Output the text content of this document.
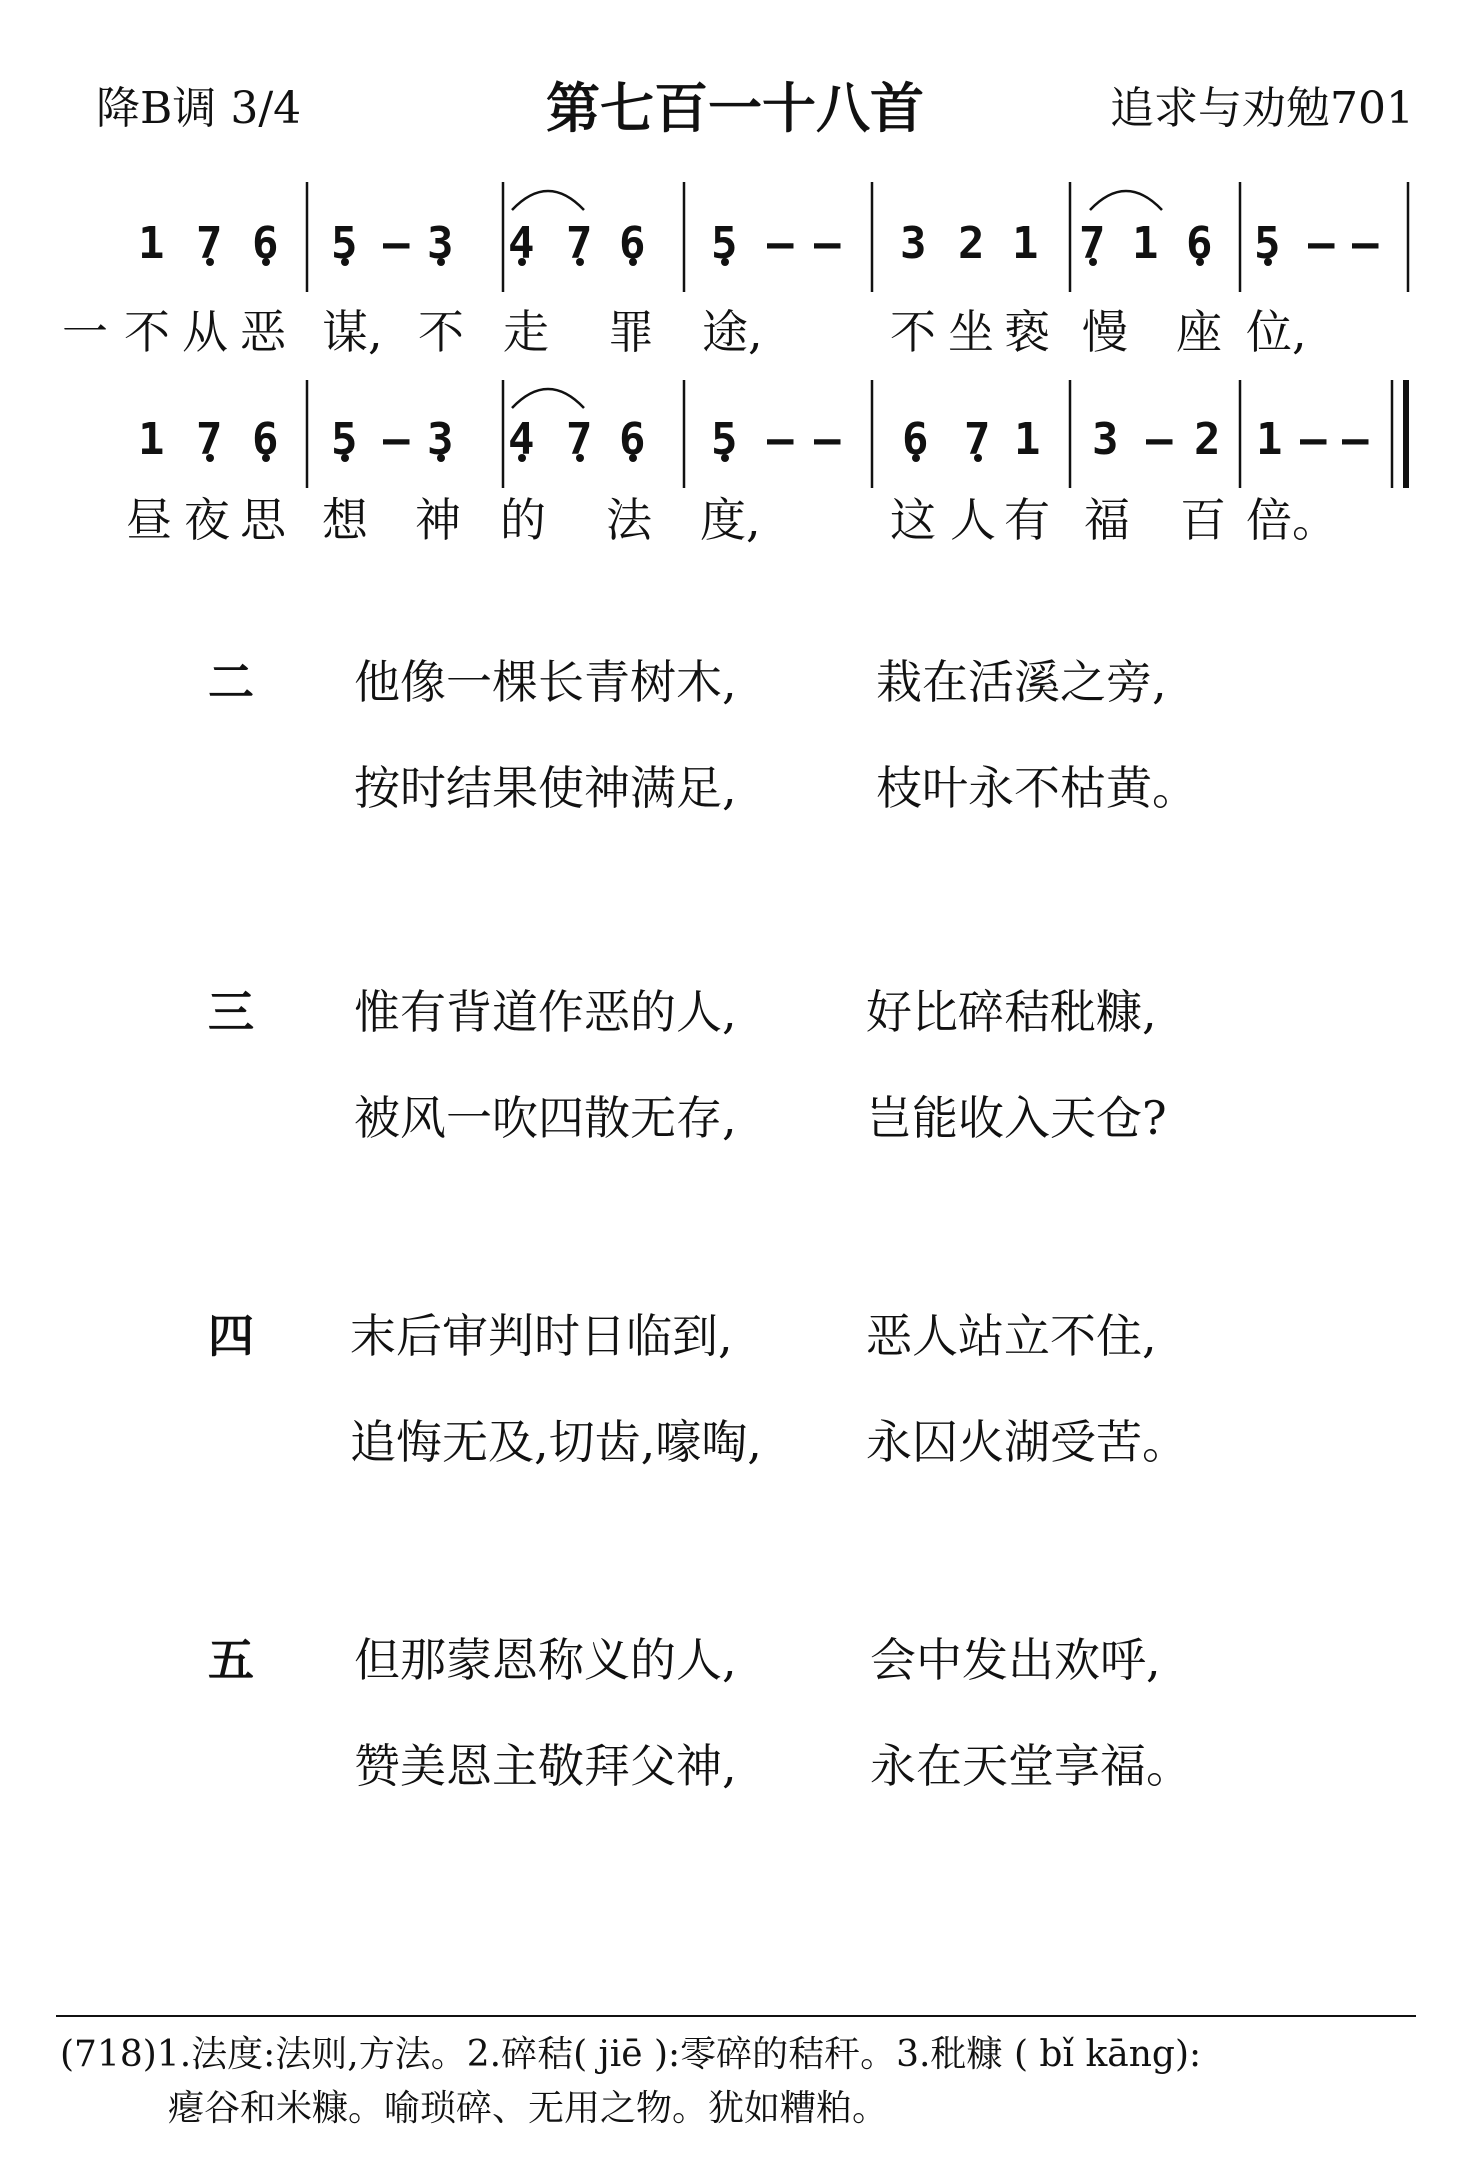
降B调 3/4	第七百一十八首	追求与劝勉701
1 7 6 5 – 3 4 7 6 5 – – 3 2 1 7 1 6 5 – –
一 不 从 恶 谋, 不 走 罪 途,	不 坐 亵 慢 座 位,
1 7 6 5 – 3 4 7 6 5 – – 6 7 1 3 – 2 1 – –
昼 夜 思 想 神 的 法 度,	这 人 有 福 百 倍。
二 他像一棵长青树木,	栽在活溪之旁,
按时结果使神满足,	枝叶永不枯黄。
三 惟有背道作恶的人,	好比碎秸秕糠,
被风一吹四散无存,	岂能收入天仓?
四 末后审判时日临到,	恶人站立不住,
追悔无及,切齿,嚎啕, 永囚火湖受苦。
五 但那蒙恩称义的人,	会中发出欢呼,
赞美恩主敬拜父神,	永在天堂享福。
(718)1.法度:法则,方法。2.碎秸( jiē ):零碎的秸秆。3.秕糠 ( bǐ kāng):
瘪谷和米糠。喻琐碎、无用之物。犹如糟粕。
